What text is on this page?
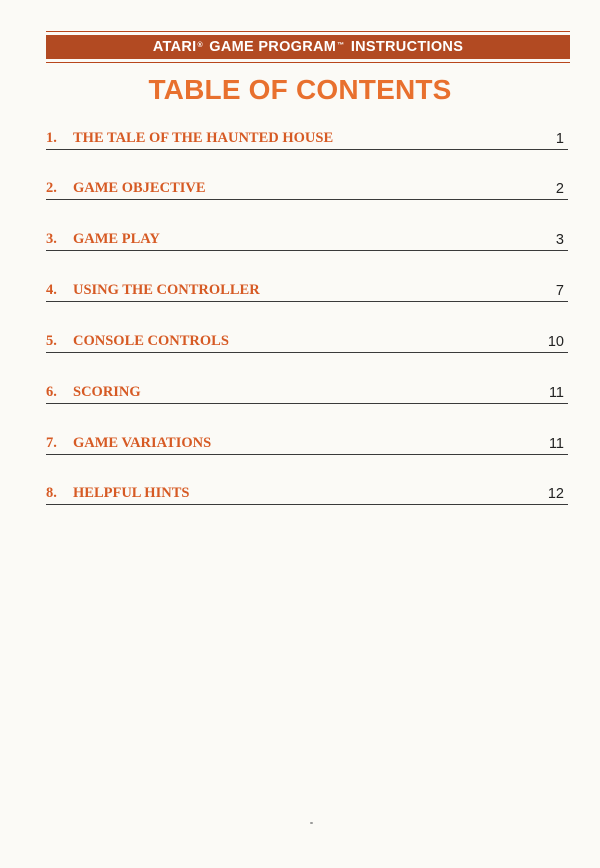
ATARI®
GAME PROGRAM™
INSTRUCTIONS
TABLE OF CONTENTS
1. THE TALE OF THE HAUNTED HOUSE	1
2. GAME OBJECTIVE	2
3. GAME PLAY	3
4. USING THE CONTROLLER	7
5. CONSOLE CONTROLS	10
6. SCORING	11
7. GAME VARIATIONS	11
8. HELPFUL HINTS	12
